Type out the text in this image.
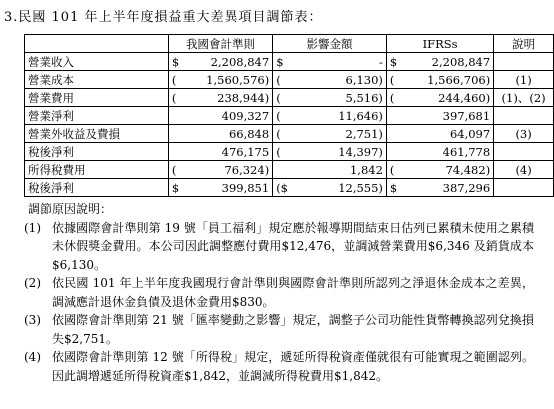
3.民國 101 年上半年度損益重大差異項目調節表：
	我國會計準則	影響金額	IFRSs	說明
營業收入	$ 2,208,847	$ -	$ 2,208,847	

營業成本	( 1,560,576)	( 6,130)	( 1,566,706)	(1)
營業費用	( 238,944)	( 5,516)	( 244,460)	(1)、(2)
營業淨利	409,327	( 11,646)	397,681	

營業外收益及費損	66,848	( 2,751)	64,097	(3)
稅後淨利	476,175	( 14,397)	461,778	

所得稅費用	( 76,324)	1,842	( 74,482)	(4)
稅後淨利	$ 399,851	($ 12,555)	$ 387,296	

調節原因說明：
(1) 依據國際會計準則第 19 號「員工福利」規定應於報導期間結束日估列已累積未使用之累積未休假獎金費用。本公司因此調整應付費用$12,476，並調減營業費用$6,346 及銷貨成本$6,130。
(2) 依民國 101 年上半年度我國現行會計準則與國際會計準則所認列之淨退休金成本之差異，調減應計退休金負債及退休金費用$830。
(3) 依國際會計準則第 21 號「匯率變動之影響」規定，調整子公司功能性貨幣轉換認列兌換損失$2,751。
(4) 依國際會計準則第 12 號「所得稅」規定，遞延所得稅資產僅就很有可能實現之範圍認列。因此調增遞延所得稅資產$1,842，並調減所得稅費用$1,842。
